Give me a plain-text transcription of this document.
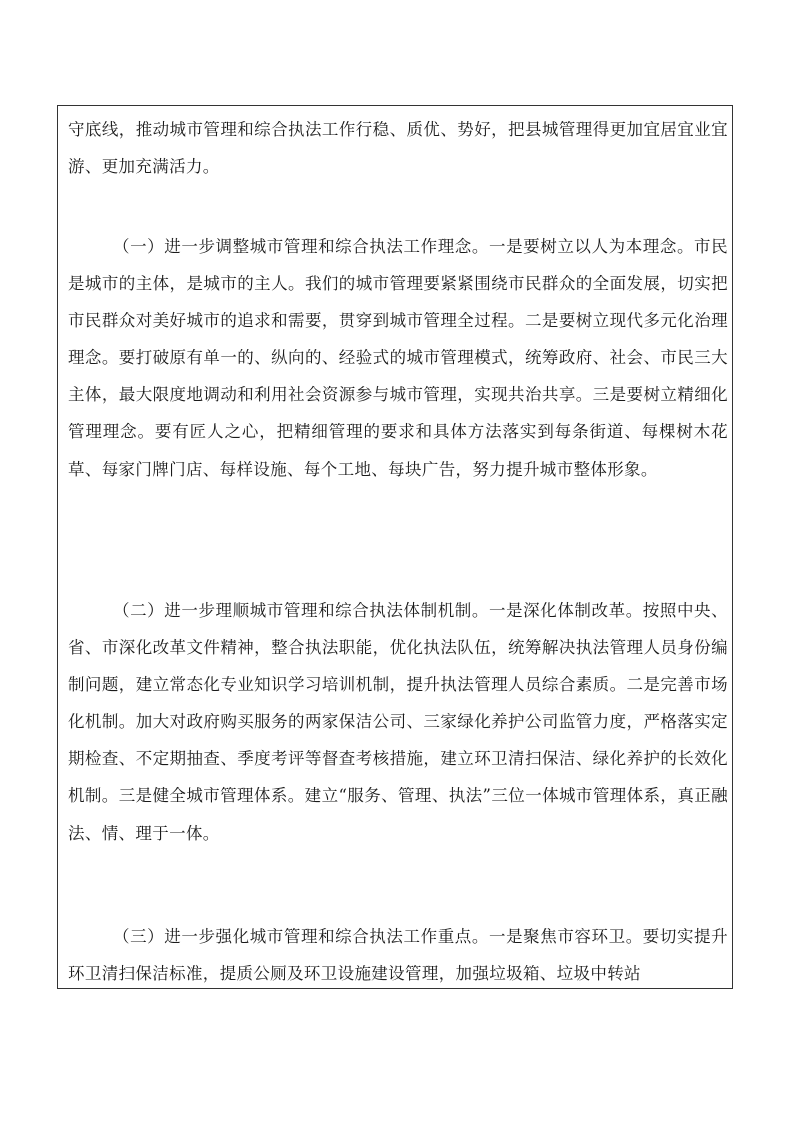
守底线，推动城市管理和综合执法工作行稳、质优、势好，把县城管理得更加宜居宜业宜游、更加充满活力。

（一）进一步调整城市管理和综合执法工作理念。一是要树立以人为本理念。市民是城市的主体，是城市的主人。我们的城市管理要紧紧围绕市民群众的全面发展，切实把市民群众对美好城市的追求和需要，贯穿到城市管理全过程。二是要树立现代多元化治理理念。要打破原有单一的、纵向的、经验式的城市管理模式，统筹政府、社会、市民三大主体，最大限度地调动和利用社会资源参与城市管理，实现共治共享。三是要树立精细化管理理念。要有匠人之心，把精细管理的要求和具体方法落实到每条街道、每棵树木花草、每家门牌门店、每样设施、每个工地、每块广告，努力提升城市整体形象。

（二）进一步理顺城市管理和综合执法体制机制。一是深化体制改革。按照中央、省、市深化改革文件精神，整合执法职能，优化执法队伍，统筹解决执法管理人员身份编制问题，建立常态化专业知识学习培训机制，提升执法管理人员综合素质。二是完善市场化机制。加大对政府购买服务的两家保洁公司、三家绿化养护公司监管力度，严格落实定期检查、不定期抽查、季度考评等督查考核措施，建立环卫清扫保洁、绿化养护的长效化机制。三是健全城市管理体系。建立“服务、管理、执法”三位一体城市管理体系，真正融法、情、理于一体。

（三）进一步强化城市管理和综合执法工作重点。一是聚焦市容环卫。要切实提升环卫清扫保洁标准，提质公厕及环卫设施建设管理，加强垃圾箱、垃圾中转站
